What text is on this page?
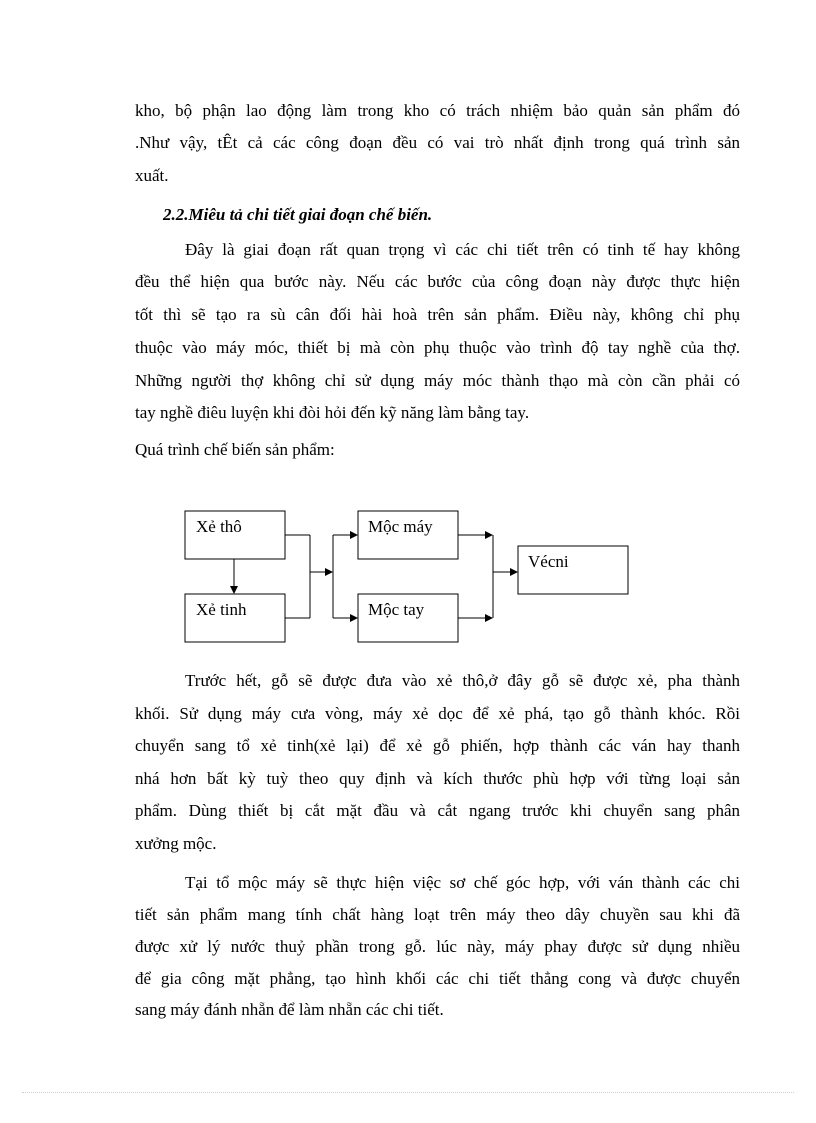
kho, bộ phận lao động làm trong kho có trách nhiệm bảo quản sản phẩm đó
.Như vậy, tÊt cả các công đoạn đều có vai trò nhất định trong quá trình sản
xuất.
2.2.Miêu tả chi tiết giai đoạn chế biến.
Đây là giai đoạn rất quan trọng vì các chi tiết trên có tinh tế hay không
đều thể hiện qua bước này. Nếu các bước của công đoạn này được thực hiện
tốt thì sẽ tạo ra sù cân đối hài hoà trên sản phẩm. Điều này, không chỉ phụ
thuộc vào máy móc, thiết bị mà còn phụ thuộc vào trình độ tay nghề của thợ.
Những người thợ không chỉ sử dụng máy móc thành thạo mà còn cần phải có
tay nghề điêu luyện khi đòi hỏi đến kỹ năng làm bằng tay.
Quá trình chế biến sản phẩm:
Xẻ thô
Xẻ tinh
Mộc máy
Mộc tay
Vécni
Trước hết, gỗ sẽ được đưa vào xẻ thô,ở đây gỗ sẽ được xẻ, pha thành
khối. Sử dụng máy cưa vòng, máy xẻ dọc để xẻ phá, tạo gỗ thành khóc. Rồi
chuyển sang tổ xẻ tinh(xẻ lại) để xẻ gỗ phiến, hợp thành các ván hay thanh
nhá hơn bất kỳ tuỳ theo quy định và kích thước phù hợp với từng loại sản
phẩm. Dùng thiết bị cắt mặt đầu và cắt ngang trước khi chuyển sang phân
xưởng mộc.
Tại tổ mộc máy sẽ thực hiện việc sơ chế góc hợp, với ván thành các chi
tiết sản phẩm mang tính chất hàng loạt trên máy theo dây chuyền sau khi đã
được xử lý nước thuỷ phần trong gỗ. lúc này, máy phay được sử dụng nhiều
để gia công mặt phẳng, tạo hình khối các chi tiết thẳng cong và được chuyển
sang máy đánh nhẵn để làm nhẵn các chi tiết.
